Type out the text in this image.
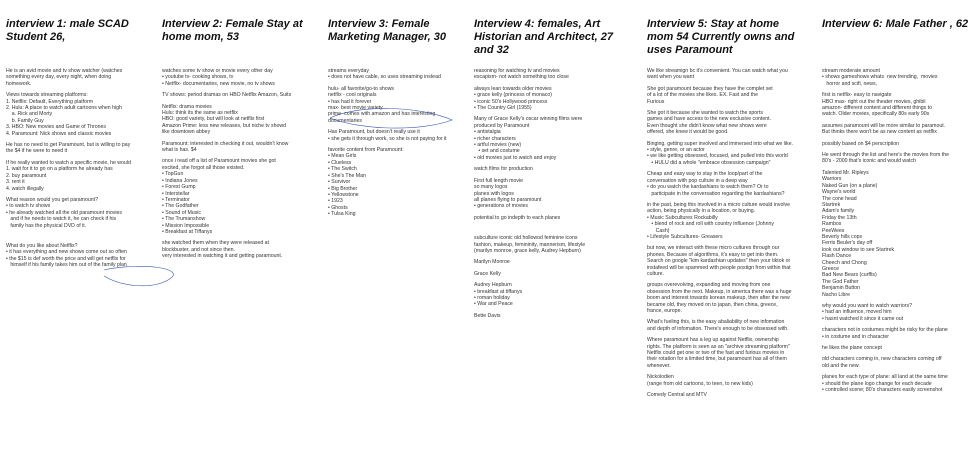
interview 1: male SCAD Student 26,
He is an avid movie and tv show watcher (watches
something every day, every night, when doing
homework.
Views towards streaming platforms:
1. Netflix: Default, Everything platform
2. Hulu: A place to watch adult cartoons when high
a. Rick and Morty
b. Family Guy
3. HBO: New movies and Game of Thrones
4. Paramount: Nick shows and classic movies
He has no need to get Paramount, but is willing to pay
the $4 if he were to need it
If he really wanted to watch a specific movie, he would
1. wait for it to go on a platform he already has
2. buy paramount
3. rent it
4. watch illegally
What reason would you get paramount?
• to watch tv shows
• he already watched all the old paramount movies
and if he needs to watch it, he can check if his
family has the physical DVD of it.
What do you like about Netflix?
• it has everything and new shows come out so often
• the $15 is def worth the price and will get netflix for
himself if his family takes him out of the family plan
Interview 2: Female Stay at home mom, 53
watches some tv show or movie every other day
• youtube tv- cooking shows, tv
• Netflix- documentaries, new movie, no tv shows
TV shows: period dramas on HBO Netflix Amazon, Suits
Netflix: drama movies
Hulu: think its the same as netflix
HBO: good variety, but will look at netflix first
Amazon Prime: less new releases, but niche tv showd
like downtown abbey
Paramount: interested in checking it out, wouldn't know
what is has. $4
once i read off a list of Paramount movies she got
excited, she forgot all those existed.
• TopGun
• Indiana Jones
• Forest Gump
• Interstellar
• Terminator
• The Godfather
• Sound of Music
• The Trumanshow
• Mission Impossible
• Breakfast at Tiffanys
she watched them when they were released at
blockbuster, and not since then.
very interested in watching it and getting paramount.
Interview 3: Female Marketing Manager, 30
streams everyday
• does not have cable, so uses streaming instead
hulu- all favorite/go-to shows
netflix - cool originals
• has had it forever
max- best movie variety
prime- comes with amazon and has interesting
documentaries
Has Paramount, but doesn't really use it
• she gets it through work, so she is not paying for it
favorite content from Paramount:
• Mean Girls
• Clueless
• The Switch
• She's The Man
• Survivor
• Big Brother
• Yellowstone
• 1923
• Ghosts
• Tulsa King
Interview 4: females, Art Historian and Architect, 27 and 32
reasoning for watching tv and movies
escapism- not watch something too close
always lean towards older movies
• grace kelly (princess of monaco)
• iconic 50's Hollywood princess
• The Country Girl (1955)
Many of Grace Kelly's oscar winning films were
produced by Paramount
• antistalgia
• richer characters
• artful movies (new)
• set and costume
• old movies just to watch and enjoy
watch films for production
First full length movie
so many logos
planes with logos
all planes flying to paramount
• generations of movies
potential to go indepth to each planes
subculture iconic old hollowod feminine icons
fashion, makeup, femininity, mannerism, lifestyle
(marilyn monroe, grace kelly, Audrey Hepburn)
Marilyn Monroe
Grace Kelly
Audrey Hepburn
• breakfast at tiffanys
• roman holiday
• War and Peace
Bette Davis
Interview 5: Stay at home mom 54 Currently owns and uses Paramount
We like streamign bc it's convenient. You can watch what you
want when you want
She got paramount because they have the complet set
of a lot of the movies she likes. EX. Fast and the
Furious
She got it because she wanted to watch the sports
games and have access to the new exclusive content.
Even thought she didn't know what new shows were
offered, she knew it would be good.
Binging, getting super involved and immersed into what we like.
• style, genre, or an actor
• we like getting obsessed, focused, and pulled into this world
• HULU did a whole "embrace obsession campaign"
Cheap and easy way to stay in the loop/part of the
conversation with pop culture in a deep way
• do you watch the kardashians to watch them? Or to
participate in the conversation regarding the kardashians?
in the past, being this involved in a micro culture would involve
action, being physically in a location, or buying.
• Music Subcultures Rockabilly
• blend of rock and roll with country influence (Johnny
Cash)
• Lifestyle Subcultures- Greasers
but now, we interact with these micro cultures through our
phones. Because of algorithms, it's easy to get into them.
Search on google "kim kardashian updates" then your tiktok or
instafeed will be spammed with people postign from within that
culture.
groups overevolving, expanding and moving from one
obsession from the next. Makeup, in america there was a huge
boom and interest towards korean makeup, then after the new
became old, they moved on to japan, then china, greece,
france, europe.
What's fueling this, is the easy abaliability of new infomation
and depth of infomation. There's enough to be obsessed with.
Where paramount has a leg up against Netflix, ownership
rights. The platform is seen as an "archive streaming platform"
Netflix could get one or two of the fast and furious movies in
their rotation for a limited time, but paramount has all of them
whenever.
Nickolodien
(range from old cartoons, to teen, to new kids)
Comedy Central and MTV
Interview 6: Male Father , 62
stream moderate amount
• shows gameshows whats  new trending,  movies
horror and scifi, news,
first is netflix- easy to navigate
HBO max- right out the theater movies, ghibli
amazon- different content and different things to
watch. Older movies, specifically 80s early 90s
assumes paramount will be more similar to paramout.
But thinks there won't be as new content as netflix
possibly based on $4 perscription
He went through the list and here's the movies from the
80's - 2000 that's iconic and would watch
Talented Mr. Ripleys
Warriors
Naked Gun (on a plane)
Wayne's world
The cone head
Startrek
Adam's family
Friday the 13th
Rambos
PeeWees
Beverly hills cops
Ferris Beuler's day off
look out window to see Startrek
Flash Dance
Cheech and Chong
Greece
Bad New Bears (curffis)
The God Father
Benjamin Button
Nacho Libre
why would you want to watch warriors?
• had an influence, moved him
• hasnt watched it since it came out
characters not in costumes might be risky for the plane
• in costume and in character
he likes the plane concept
old characters coming in, new characters coming off
old and the new.
planes for each type of plane: all land at the same time
• should the plane logo change for each decade
• controlled scene; 80's characters easily screenshot
